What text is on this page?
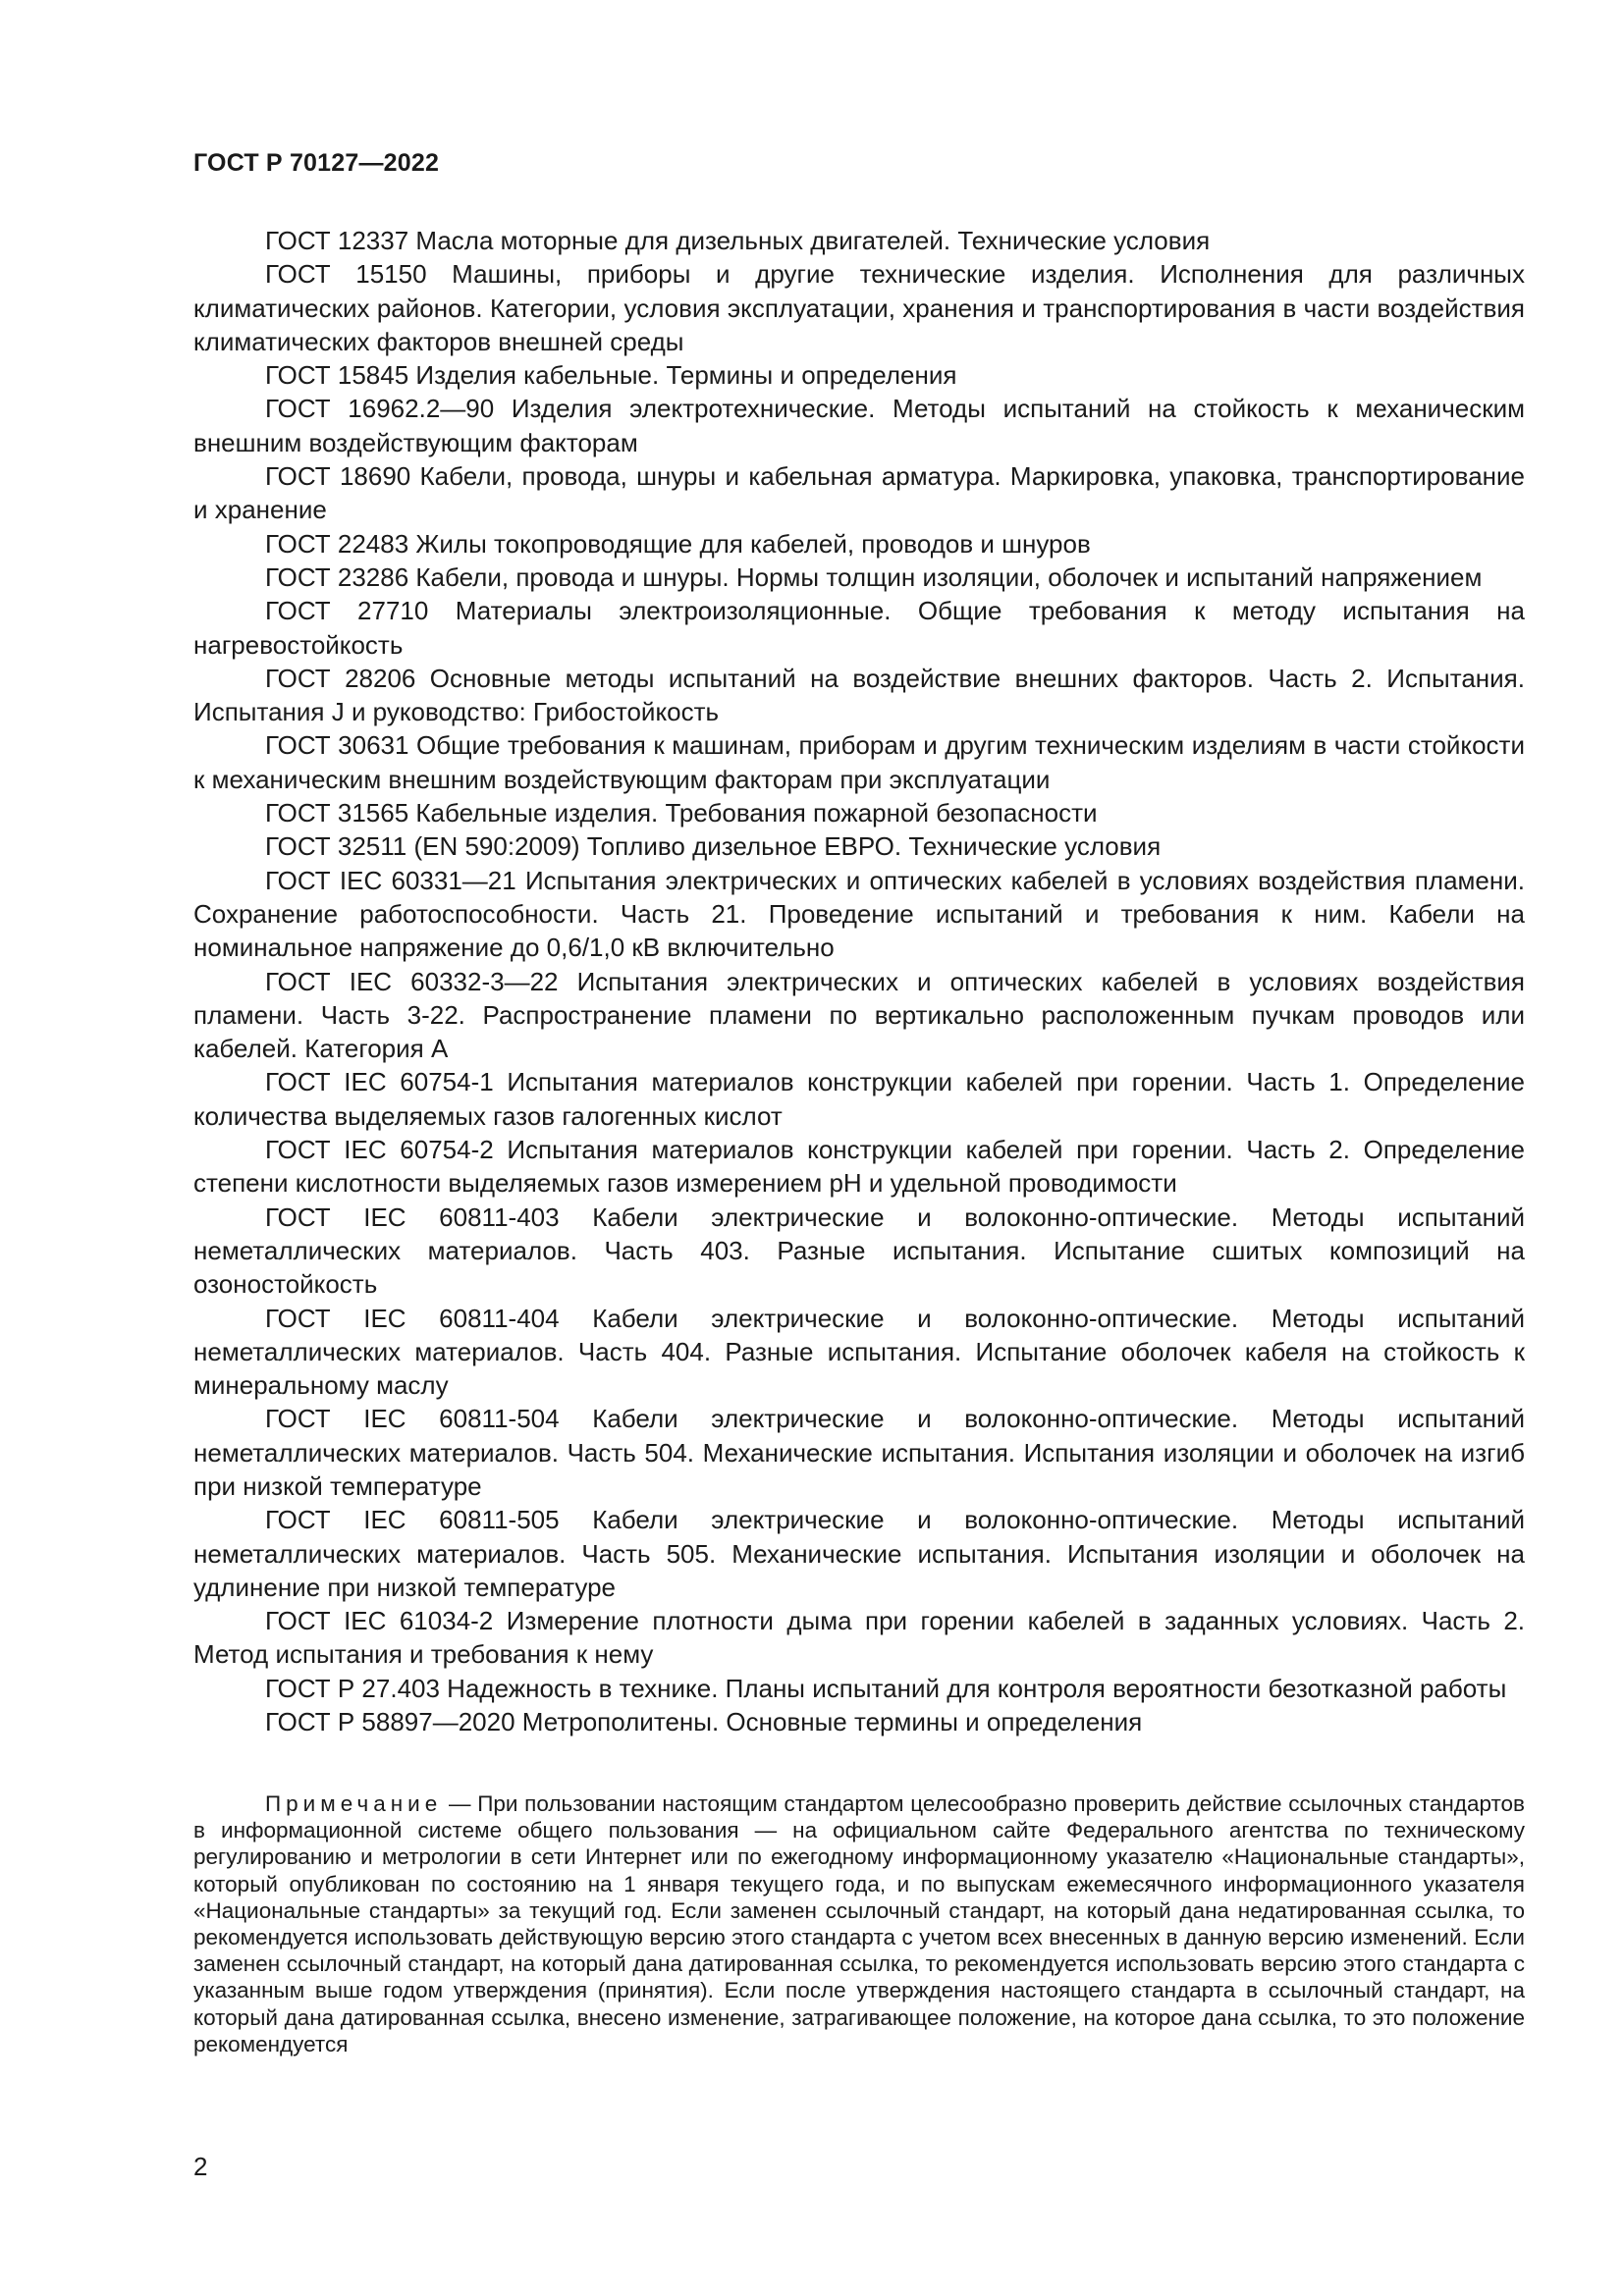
ГОСТ Р 70127—2022

ГОСТ 12337 Масла моторные для дизельных двигателей. Технические условия

ГОСТ 15150 Машины, приборы и другие технические изделия. Исполнения для различных климатических районов. Категории, условия эксплуатации, хранения и транспортирования в части воздействия климатических факторов внешней среды

ГОСТ 15845 Изделия кабельные. Термины и определения

ГОСТ 16962.2—90 Изделия электротехнические. Методы испытаний на стойкость к механическим внешним воздействующим факторам

ГОСТ 18690 Кабели, провода, шнуры и кабельная арматура. Маркировка, упаковка, транспортирование и хранение

ГОСТ 22483 Жилы токопроводящие для кабелей, проводов и шнуров

ГОСТ 23286 Кабели, провода и шнуры. Нормы толщин изоляции, оболочек и испытаний напряжением

ГОСТ 27710 Материалы электроизоляционные. Общие требования к методу испытания на нагревостойкость

ГОСТ 28206 Основные методы испытаний на воздействие внешних факторов. Часть 2. Испытания. Испытания J и руководство: Грибостойкость

ГОСТ 30631 Общие требования к машинам, приборам и другим техническим изделиям в части стойкости к механическим внешним воздействующим факторам при эксплуатации

ГОСТ 31565 Кабельные изделия. Требования пожарной безопасности

ГОСТ 32511 (EN 590:2009) Топливо дизельное ЕВРО. Технические условия

ГОСТ IEC 60331—21 Испытания электрических и оптических кабелей в условиях воздействия пламени. Сохранение работоспособности. Часть 21. Проведение испытаний и требования к ним. Кабели на номинальное напряжение до 0,6/1,0 кВ включительно

ГОСТ IEC 60332-3—22 Испытания электрических и оптических кабелей в условиях воздействия пламени. Часть 3-22. Распространение пламени по вертикально расположенным пучкам проводов или кабелей. Категория А

ГОСТ IEC 60754-1 Испытания материалов конструкции кабелей при горении. Часть 1. Определение количества выделяемых газов галогенных кислот

ГОСТ IEC 60754-2 Испытания материалов конструкции кабелей при горении. Часть 2. Определение степени кислотности выделяемых газов измерением pH и удельной проводимости

ГОСТ IEC 60811-403 Кабели электрические и волоконно-оптические. Методы испытаний неметаллических материалов. Часть 403. Разные испытания. Испытание сшитых композиций на озоностойкость

ГОСТ IEC 60811-404 Кабели электрические и волоконно-оптические. Методы испытаний неметаллических материалов. Часть 404. Разные испытания. Испытание оболочек кабеля на стойкость к минеральному маслу

ГОСТ IEC 60811-504 Кабели электрические и волоконно-оптические. Методы испытаний неметаллических материалов. Часть 504. Механические испытания. Испытания изоляции и оболочек на изгиб при низкой температуре

ГОСТ IEC 60811-505 Кабели электрические и волоконно-оптические. Методы испытаний неметаллических материалов. Часть 505. Механические испытания. Испытания изоляции и оболочек на удлинение при низкой температуре

ГОСТ IEC 61034-2 Измерение плотности дыма при горении кабелей в заданных условиях. Часть 2. Метод испытания и требования к нему

ГОСТ Р 27.403 Надежность в технике. Планы испытаний для контроля вероятности безотказной работы

ГОСТ Р 58897—2020 Метрополитены. Основные термины и определения

Примечание — При пользовании настоящим стандартом целесообразно проверить действие ссылочных стандартов в информационной системе общего пользования — на официальном сайте Федерального агентства по техническому регулированию и метрологии в сети Интернет или по ежегодному информационному указателю «Национальные стандарты», который опубликован по состоянию на 1 января текущего года, и по выпускам ежемесячного информационного указателя «Национальные стандарты» за текущий год. Если заменен ссылочный стандарт, на который дана недатированная ссылка, то рекомендуется использовать действующую версию этого стандарта с учетом всех внесенных в данную версию изменений. Если заменен ссылочный стандарт, на который дана датированная ссылка, то рекомендуется использовать версию этого стандарта с указанным выше годом утверждения (принятия). Если после утверждения настоящего стандарта в ссылочный стандарт, на который дана датированная ссылка, внесено изменение, затрагивающее положение, на которое дана ссылка, то это положение рекомендуется
2
